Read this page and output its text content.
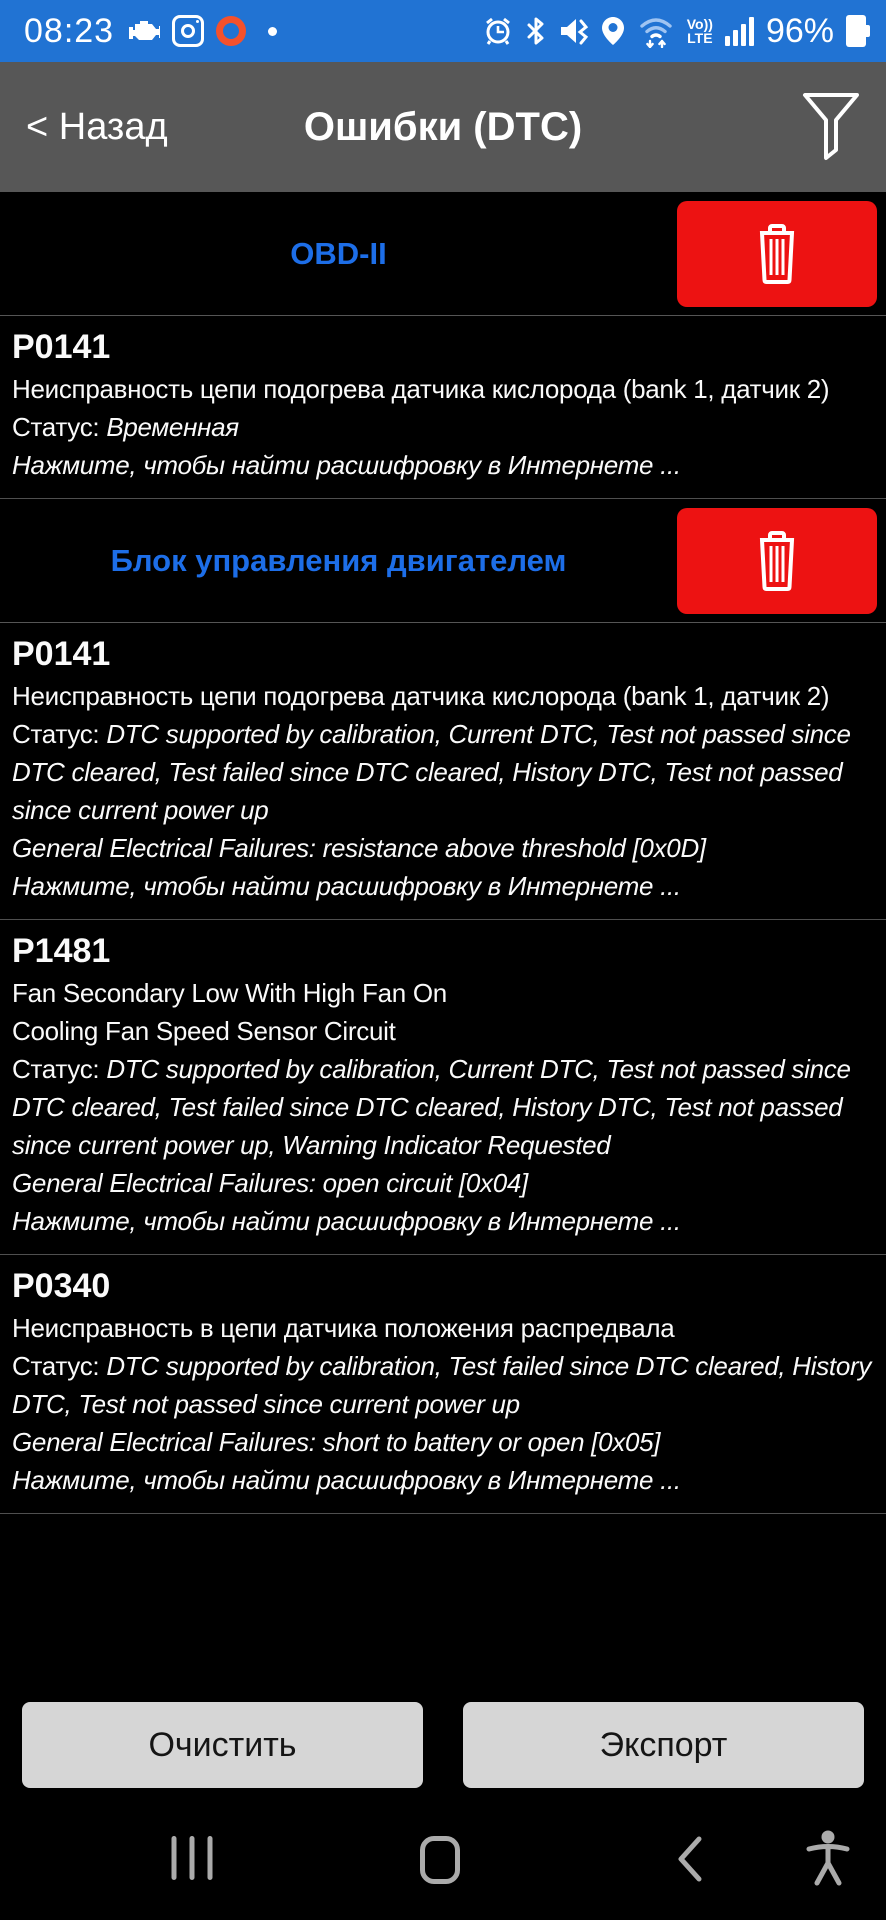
08:23	Vo))
LTE 96%
< Назад	Ошибки (DTC)
OBD-II
P0141
Неисправность цепи подогрева датчика кислорода (bank 1, датчик 2)
Статус: Временная
Нажмите, чтобы найти расшифровку в Интернете ...
Блок управления двигателем
P0141
Неисправность цепи подогрева датчика кислорода (bank 1, датчик 2)
Статус: DTC supported by calibration, Current DTC, Test not passed since DTC cleared, Test failed since DTC cleared, History DTC, Test not passed since current power up
General Electrical Failures: resistance above threshold [0x0D]
Нажмите, чтобы найти расшифровку в Интернете ...
P1481
Fan Secondary Low With High Fan On
Cooling Fan Speed Sensor Circuit
Статус: DTC supported by calibration, Current DTC, Test not passed since DTC cleared, Test failed since DTC cleared, History DTC, Test not passed since current power up, Warning Indicator Requested
General Electrical Failures: open circuit [0x04]
Нажмите, чтобы найти расшифровку в Интернете ...
P0340
Неисправность в цепи датчика положения распредвала
Статус: DTC supported by calibration, Test failed since DTC cleared, History DTC, Test not passed since current power up
General Electrical Failures: short to battery or open [0x05]
Нажмите, чтобы найти расшифровку в Интернете ...
Очистить	Экспорт
